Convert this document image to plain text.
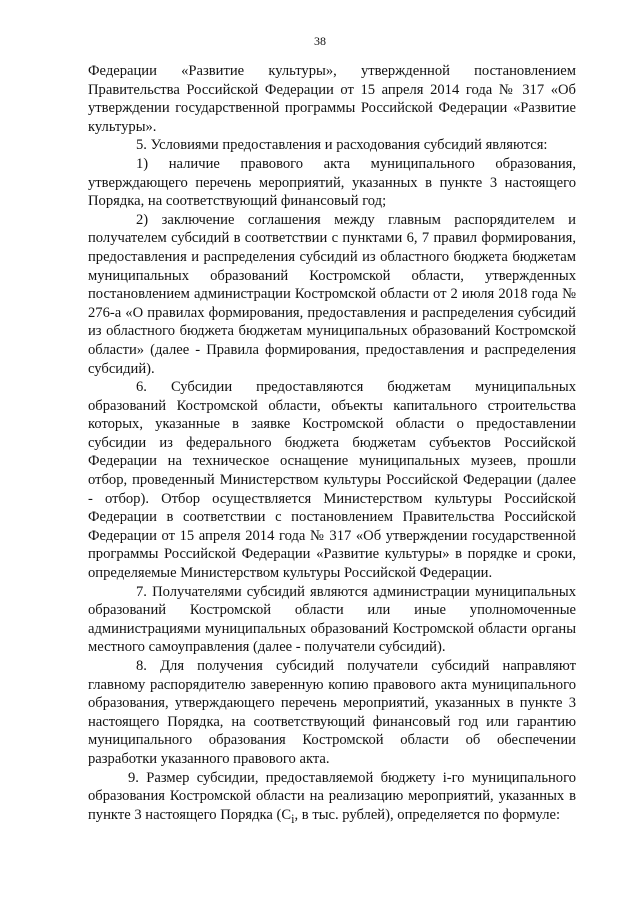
38

Федерации «Развитие культуры», утвержденной постановлением Правительства Российской Федерации от 15 апреля 2014 года № 317 «Об утверждении государственной программы Российской Федерации «Развитие культуры».

5. Условиями предоставления и расходования субсидий являются:

1) наличие правового акта муниципального образования, утверждающего перечень мероприятий, указанных в пункте 3 настоящего Порядка, на соответствующий финансовый год;

2) заключение соглашения между главным распорядителем и получателем субсидий в соответствии с пунктами 6, 7 правил формирования, предоставления и распределения субсидий из областного бюджета бюджетам муниципальных образований Костромской области, утвержденных постановлением администрации Костромской области от 2 июля 2018 года № 276-а «О правилах формирования, предоставления и распределения субсидий из областного бюджета бюджетам муниципальных образований Костромской области» (далее - Правила формирования, предоставления и распределения субсидий).

6. Субсидии предоставляются бюджетам муниципальных образований Костромской области, объекты капитального строительства которых, указанные в заявке Костромской области о предоставлении субсидии из федерального бюджета бюджетам субъектов Российской Федерации на техническое оснащение муниципальных музеев, прошли отбор, проведенный Министерством культуры Российской Федерации (далее - отбор). Отбор осуществляется Министерством культуры Российской Федерации в соответствии с постановлением Правительства Российской Федерации от 15 апреля 2014 года № 317 «Об утверждении государственной программы Российской Федерации «Развитие культуры» в порядке и сроки, определяемые Министерством культуры Российской Федерации.

7. Получателями субсидий являются администрации муниципальных образований Костромской области или иные уполномоченные администрациями муниципальных образований Костромской области органы местного самоуправления (далее - получатели субсидий).

8. Для получения субсидий получатели субсидий направляют главному распорядителю заверенную копию правового акта муниципального образования, утверждающего перечень мероприятий, указанных в пункте 3 настоящего Порядка, на соответствующий финансовый год или гарантию муниципального образования Костромской области об обеспечении разработки указанного правового акта.

9. Размер субсидии, предоставляемой бюджету i-го муниципального образования Костромской области на реализацию мероприятий, указанных в пункте 3 настоящего Порядка ($C_i$, в тыс. рублей), определяется по формуле:
